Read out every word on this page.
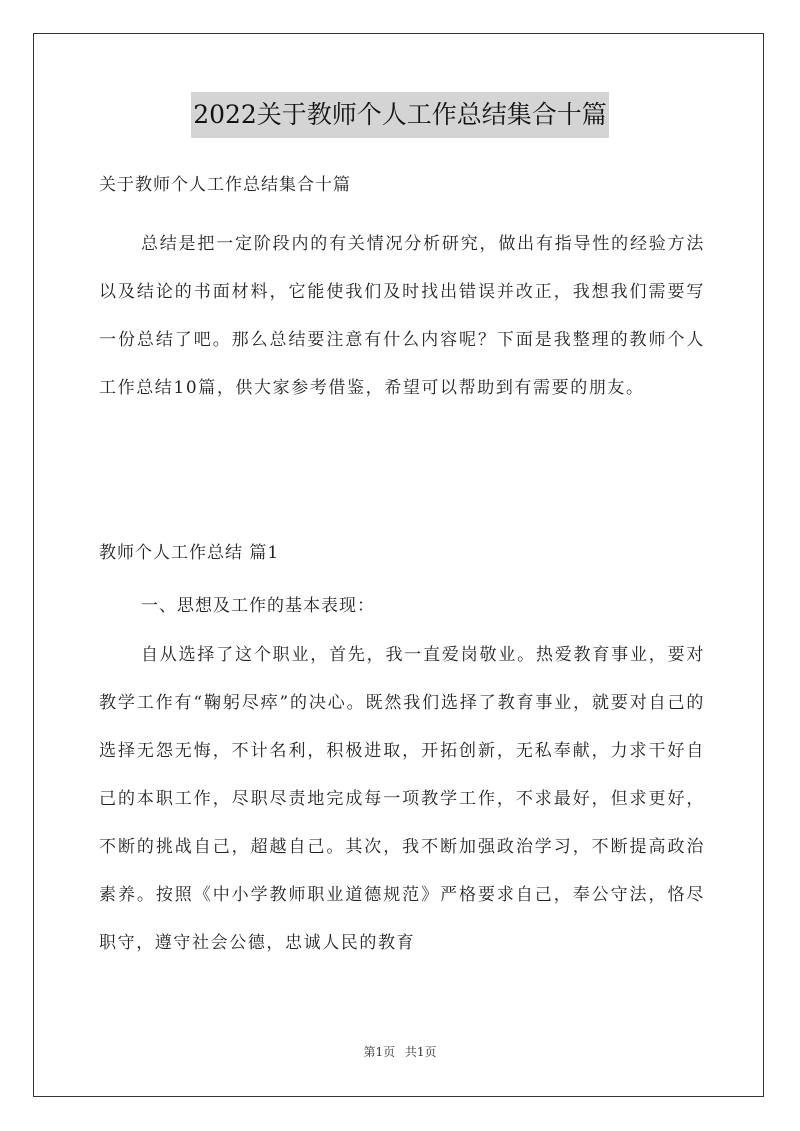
2022关于教师个人工作总结集合十篇
关于教师个人工作总结集合十篇

总结是把一定阶段内的有关情况分析研究，做出有指导性的经验方法以及结论的书面材料，它能使我们及时找出错误并改正，我想我们需要写一份总结了吧。那么总结要注意有什么内容呢？下面是我整理的教师个人工作总结10篇，供大家参考借鉴，希望可以帮助到有需要的朋友。

教师个人工作总结 篇1
一、思想及工作的基本表现：

自从选择了这个职业，首先，我一直爱岗敬业。热爱教育事业，要对教学工作有“鞠躬尽瘁”的决心。既然我们选择了教育事业，就要对自己的选择无怨无悔，不计名利，积极进取，开拓创新，无私奉献，力求干好自己的本职工作，尽职尽责地完成每一项教学工作，不求最好，但求更好，不断的挑战自己，超越自己。其次，我不断加强政治学习，不断提高政治素养。按照《中小学教师职业道德规范》严格要求自己，奉公守法，恪尽职守，遵守社会公德，忠诚人民的教育

第1页 共1页
